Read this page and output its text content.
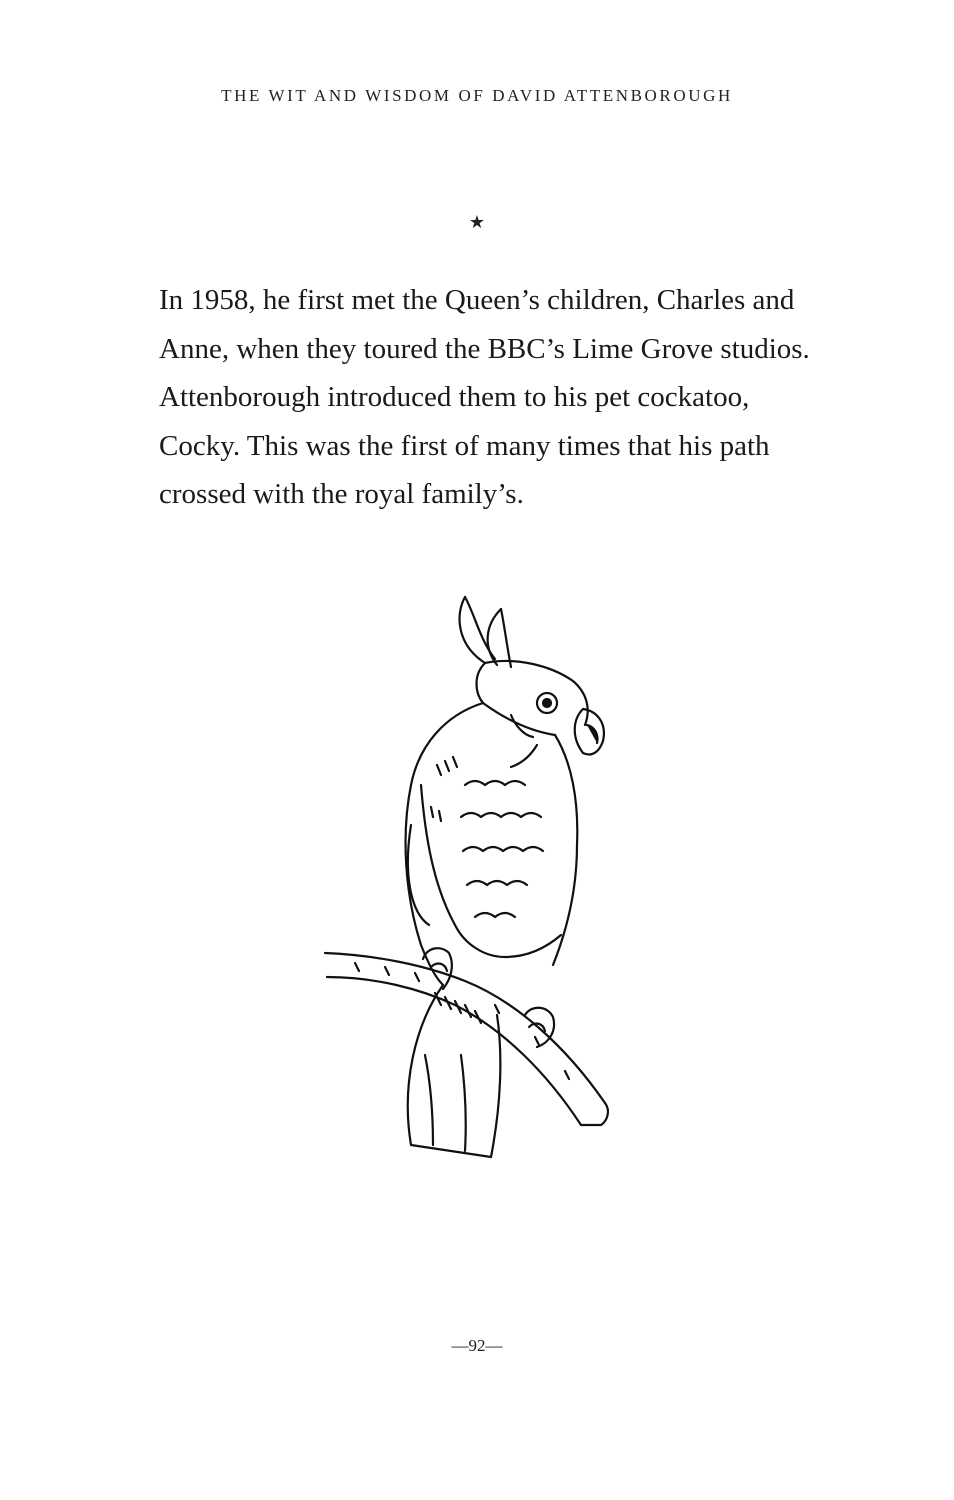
THE WIT AND WISDOM OF DAVID ATTENBOROUGH
★
In 1958, he first met the Queen’s children, Charles and
Anne, when they toured the BBC’s Lime Grove studios.
Attenborough introduced them to his pet cockatoo,
Cocky. This was the first of many times that his path
crossed with the royal family’s.
—92—
